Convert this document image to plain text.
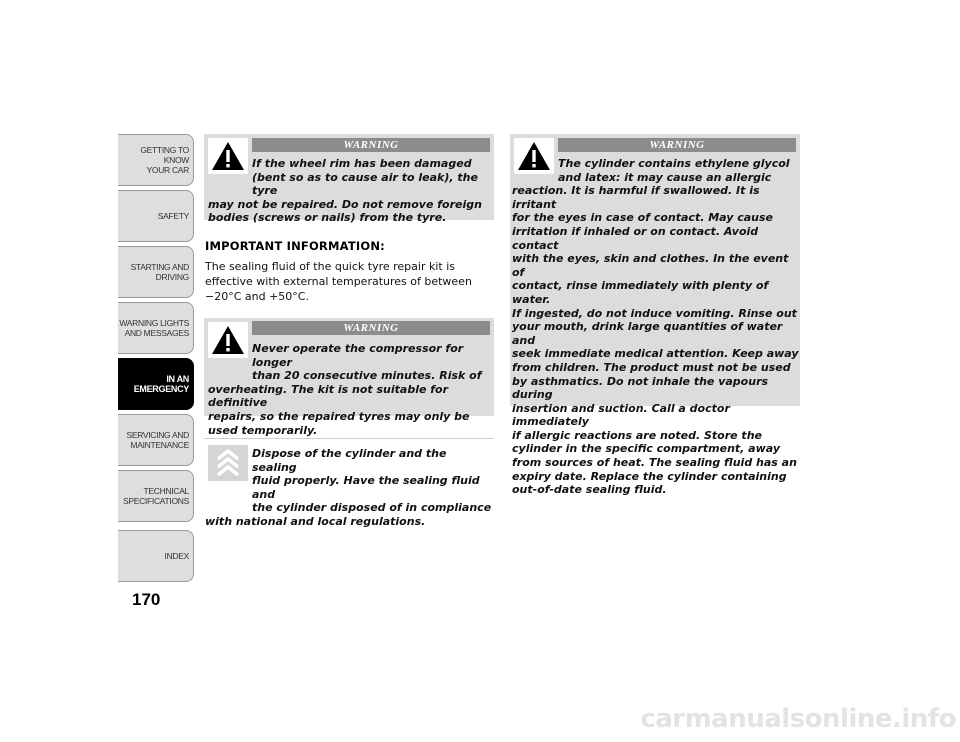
GETTING TO KNOW
YOUR CAR
SAFETY
STARTING AND
DRIVING
WARNING LIGHTS
AND MESSAGES
IN AN
EMERGENCY
SERVICING AND
MAINTENANCE
TECHNICAL
SPECIFICATIONS
INDEX
170
WARNING
If the wheel rim has been damaged
(bent so as to cause air to leak), the tyre
may not be repaired. Do not remove foreign
bodies (screws or nails) from the tyre.
IMPORTANT INFORMATION:
The sealing fluid of the quick tyre repair kit is effective with external temperatures of between −20°C and +50°C.
WARNING
Never operate the compressor for longer
than 20 consecutive minutes. Risk of
overheating. The kit is not suitable for definitive
repairs, so the repaired tyres may only be
used temporarily.
Dispose of the cylinder and the sealing
fluid properly. Have the sealing fluid and
the cylinder disposed of in compliance
with national and local regulations.
WARNING
The cylinder contains ethylene glycol
and latex: it may cause an allergic
reaction. It is harmful if swallowed. It is irritant
for the eyes in case of contact. May cause
irritation if inhaled or on contact. Avoid contact
with the eyes, skin and clothes. In the event of
contact, rinse immediately with plenty of water.
If ingested, do not induce vomiting. Rinse out
your mouth, drink large quantities of water and
seek immediate medical attention. Keep away
from children. The product must not be used
by asthmatics. Do not inhale the vapours during
insertion and suction. Call a doctor immediately
if allergic reactions are noted. Store the
cylinder in the specific compartment, away
from sources of heat. The sealing fluid has an
expiry date. Replace the cylinder containing
out-of-date sealing fluid.
carmanualsonline.info
